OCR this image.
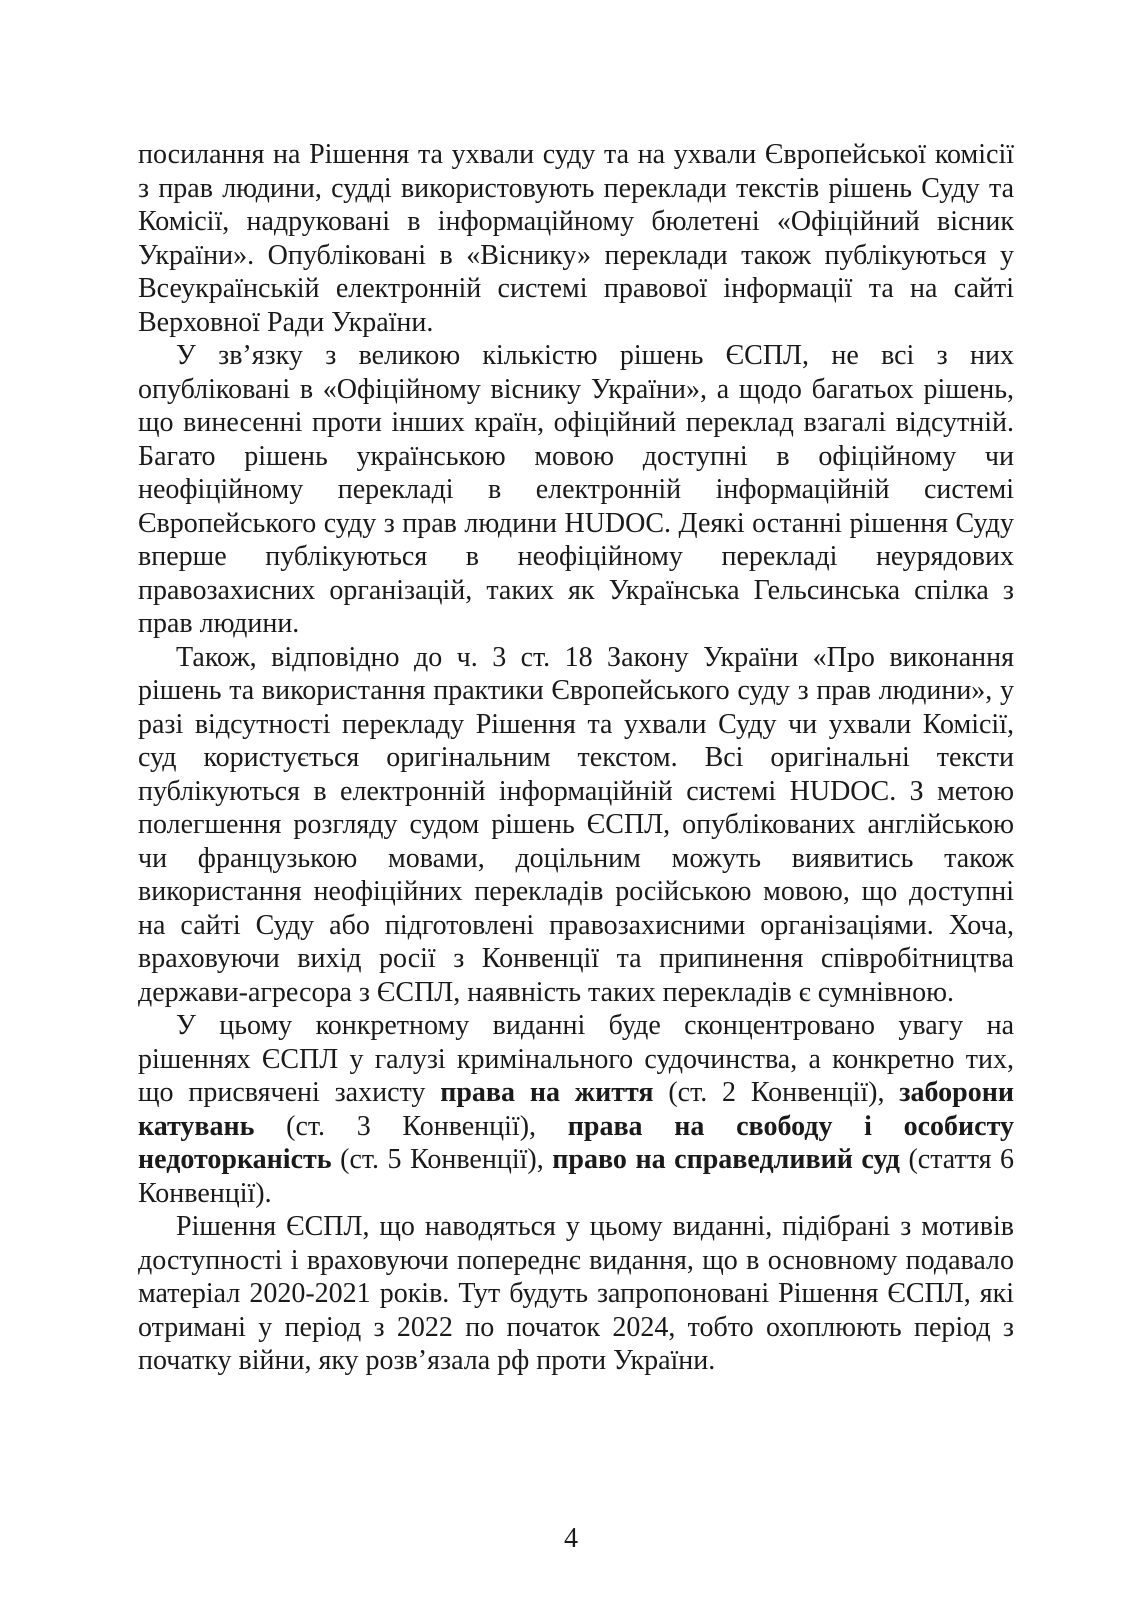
посилання на Рішення та ухвали суду та на ухвали Європейської комісії з прав людини, судді використовують переклади текстів рішень Суду та Комісії, надруковані в інформаційному бюлетені «Офіційний вісник України». Опубліковані в «Віснику» переклади також публікуються у Всеукраїнській електронній системі правової інформації та на сайті Верховної Ради України.

У зв’язку з великою кількістю рішень ЄСПЛ, не всі з них опубліковані в «Офіційному віснику України», а щодо багатьох рішень, що винесенні проти інших країн, офіційний переклад взагалі відсутній. Багато рішень українською мовою доступні в офіційному чи неофіційному перекладі в електронній інформаційній системі Європейського суду з прав людини HUDOC. Деякі останні рішення Суду вперше публікуються в неофіційному перекладі неурядових правозахисних організацій, таких як Українська Гельсинська спілка з прав людини.

Також, відповідно до ч. 3 ст. 18 Закону України «Про виконання рішень та використання практики Європейського суду з прав людини», у разі відсутності перекладу Рішення та ухвали Суду чи ухвали Комісії, суд користується оригінальним текстом. Всі оригінальні тексти публікуються в електронній інформаційній системі HUDOC. З метою полегшення розгляду судом рішень ЄСПЛ, опублікованих англійською чи французькою мовами, доцільним можуть виявитись також використання неофіційних перекладів російською мовою, що доступні на сайті Суду або підготовлені правозахисними організаціями. Хоча, враховуючи вихід росії з Конвенції та припинення співробітництва держави-агресора з ЄСПЛ, наявність таких перекладів є сумнівною.

У цьому конкретному виданні буде сконцентровано увагу на рішеннях ЄСПЛ у галузі кримінального судочинства, а конкретно тих, що присвячені захисту права на життя (ст. 2 Конвенції), заборони катувань (ст. 3 Конвенції), права на свободу і особисту недоторканість (ст. 5 Конвенції), право на справедливий суд (стаття 6 Конвенції).

Рішення ЄСПЛ, що наводяться у цьому виданні, підібрані з мотивів доступності і враховуючи попереднє видання, що в основному подавало матеріал 2020-2021 років. Тут будуть запропоновані Рішення ЄСПЛ, які отримані у період з 2022 по початок 2024, тобто охоплюють період з початку війни, яку розв’язала рф проти України.

4
